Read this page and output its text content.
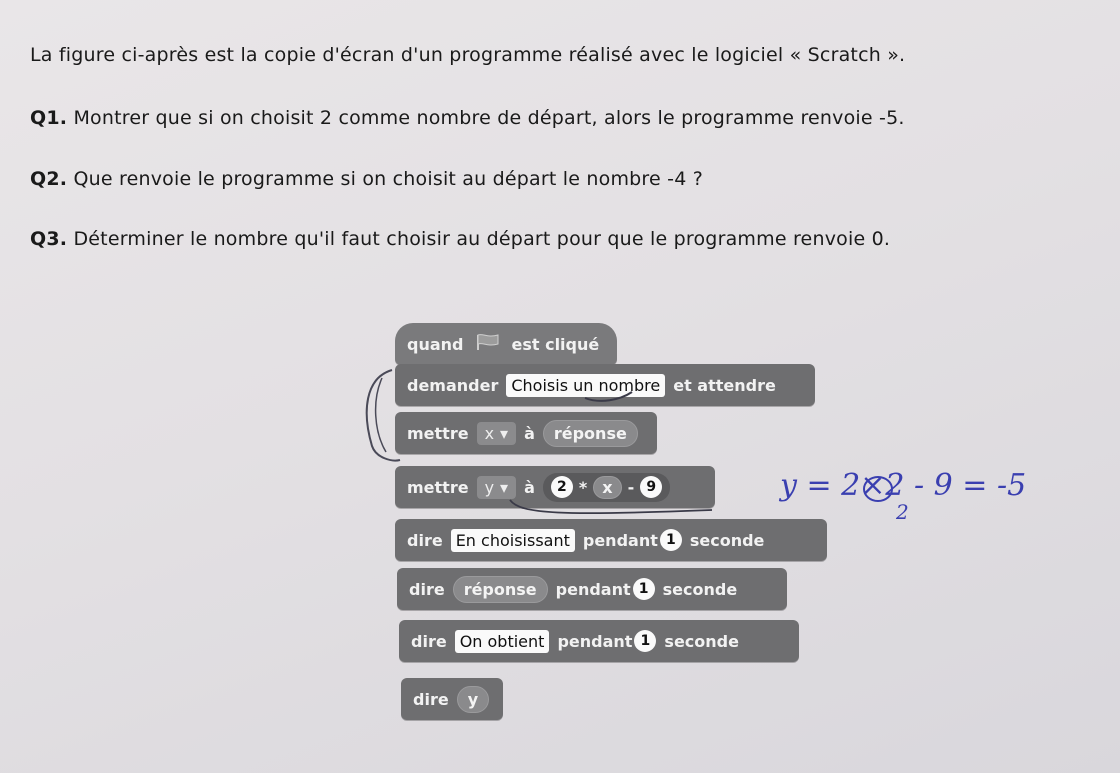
La figure ci-après est la copie d'écran d'un programme réalisé avec le logiciel « Scratch ».
Q1. Montrer que si on choisit 2 comme nombre de départ, alors le programme renvoie -5.
Q2. Que renvoie le programme si on choisit au départ le nombre -4 ?
Q3. Déterminer le nombre qu'il faut choisir au départ pour que le programme renvoie 0.
quand	est cliqué
demander Choisis un nombre et attendre
mettre x ▾ à	réponse
mettre y ▾ à	2 * x - 9
dire En choisissant pendant 1 seconde
dire	réponse	pendant 1 seconde
dire On obtient pendant 1 seconde
dire	y
y = 2×2 - 9 = -5
2
